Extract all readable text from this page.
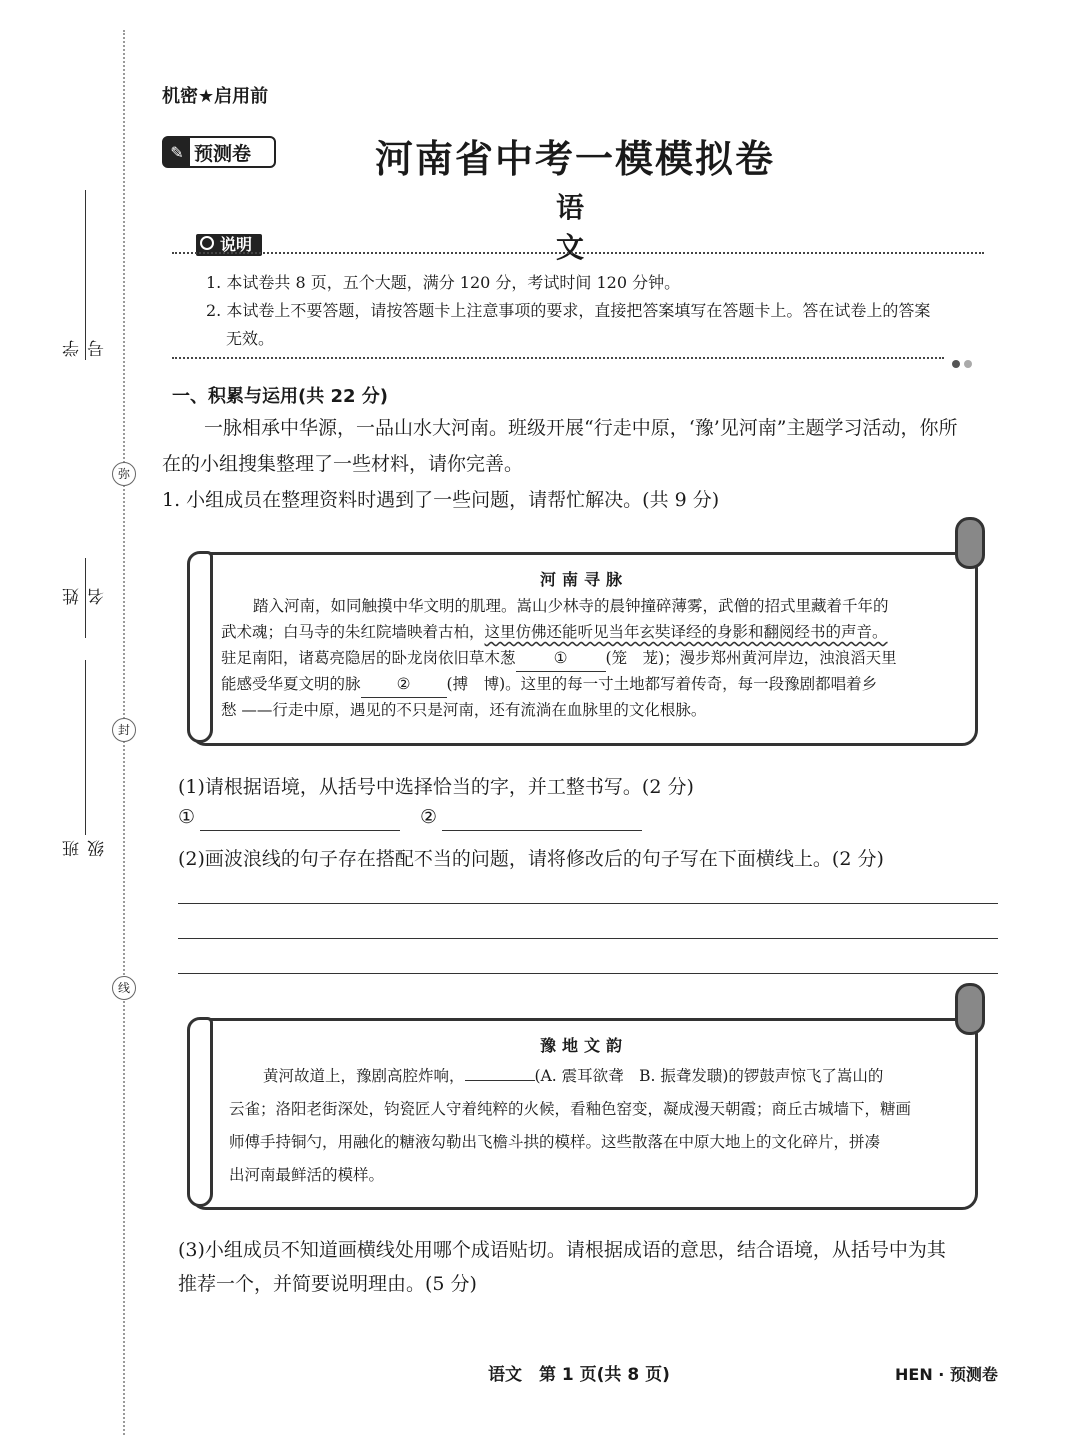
学号
姓名
班级
弥
封
线
机密★启用前
✎ 预测卷	河南省中考一模模拟卷
语文
说明
1. 本试卷共 8 页，五个大题，满分 120 分，考试时间 120 分钟。
2. 本试卷上不要答题，请按答题卡上注意事项的要求，直接把答案填写在答题卡上。答在试卷上的答案
无效。
一、积累与运用(共 22 分)
一脉相承中华源，一品山水大河南。班级开展“行走中原，‘豫’见河南”主题学习活动，你所
在的小组搜集整理了一些材料，请你完善。
1. 小组成员在整理资料时遇到了一些问题，请帮忙解决。(共 9 分)
河南寻脉
踏入河南，如同触摸中华文明的肌理。嵩山少林寺的晨钟撞碎薄雾，武僧的招式里藏着千年的
武术魂；白马寺的朱红院墙映着古柏，这里仿佛还能听见当年玄奘译经的身影和翻阅经书的声音。
驻足南阳，诸葛亮隐居的卧龙岗依旧草木葱 ① (笼　茏)；漫步郑州黄河岸边，浊浪滔天里
能感受华夏文明的脉 ② (搏　博)。这里的每一寸土地都写着传奇，每一段豫剧都唱着乡
愁 ——行走中原，遇见的不只是河南，还有流淌在血脉里的文化根脉。
(1)请根据语境，从括号中选择恰当的字，并工整书写。(2 分)
①	②
(2)画波浪线的句子存在搭配不当的问题，请将修改后的句子写在下面横线上。(2 分)
豫地文韵
黄河故道上，豫剧高腔炸响，	(A. 震耳欲聋　B. 振聋发聩)的锣鼓声惊飞了嵩山的
云雀；洛阳老街深处，钧瓷匠人守着纯粹的火候，看釉色窑变，凝成漫天朝霞；商丘古城墙下，糖画
师傅手持铜勺，用融化的糖液勾勒出飞檐斗拱的模样。这些散落在中原大地上的文化碎片，拼凑
出河南最鲜活的模样。
(3)小组成员不知道画横线处用哪个成语贴切。请根据成语的意思，结合语境，从括号中为其
推荐一个，并简要说明理由。(5 分)
语文　第 1 页(共 8 页)	HEN · 预测卷
